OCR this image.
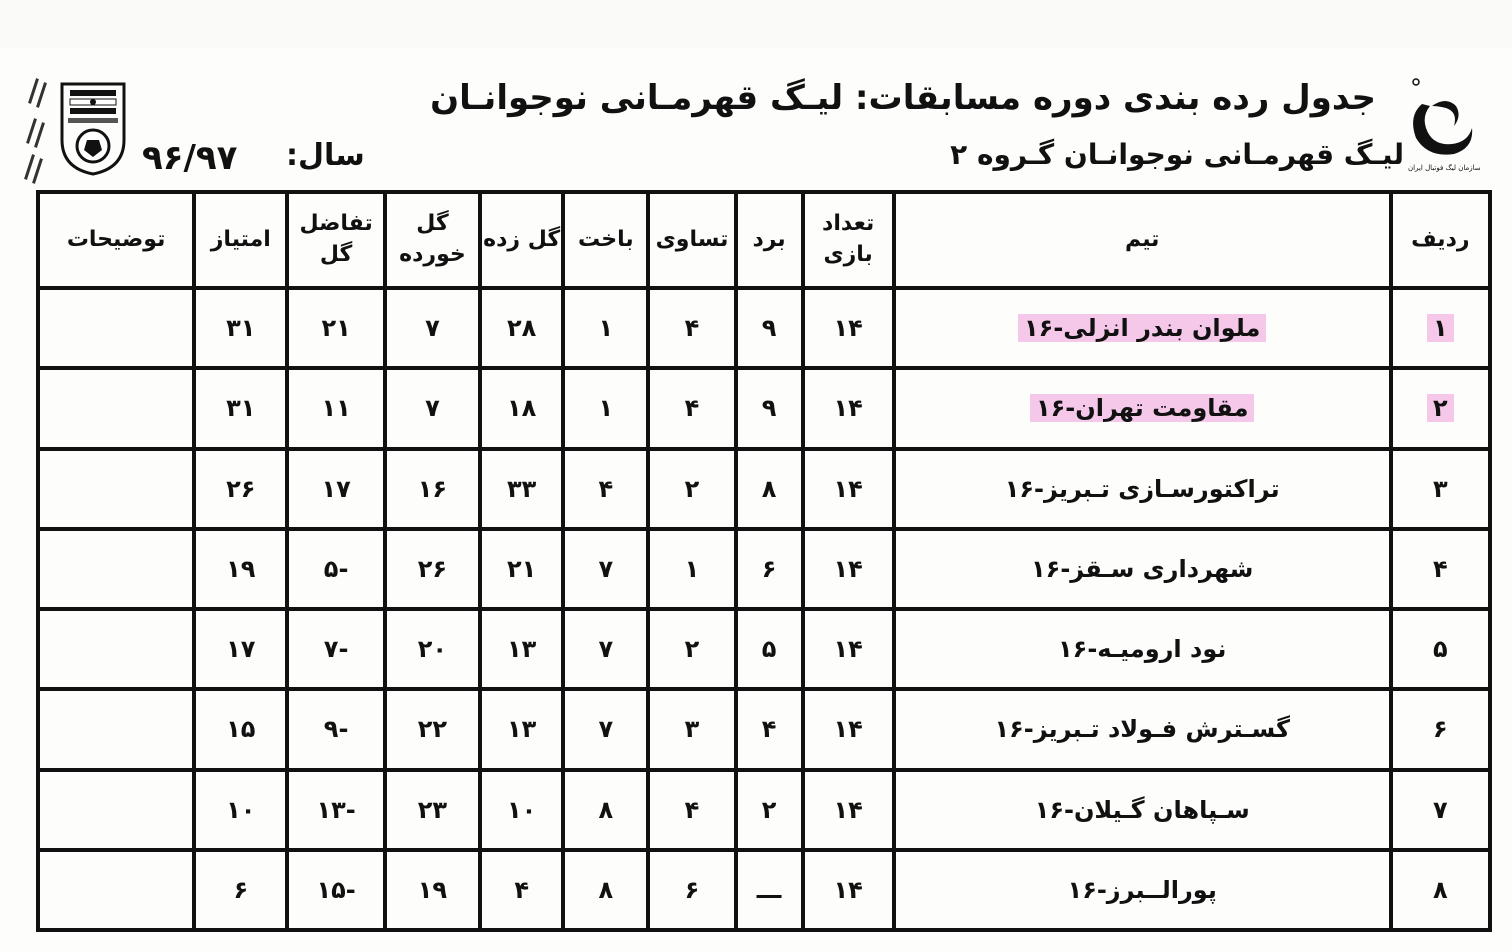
سازمان لیگ فوتبال ایران
جدول رده بندی دوره مسابقات: لیـگ قهرمـانی نوجوانـان
لیـگ قهرمـانی نوجوانـان گـروه ۲
سال:
۹۶/۹۷
ردیف	تیم	تعداد بازی	برد	تساوی	باخت	گل زده	گل خورده	تفاضل گل	امتیاز	توضیحات
۱	ملوان بندر انزلی-۱۶	۱۴	۹	۴	۱	۲۸	۷	۲۱	۳۱	
۲	مقاومت تهران-۱۶	۱۴	۹	۴	۱	۱۸	۷	۱۱	۳۱	
۳	تراکتورسـازی تـبریز-۱۶	۱۴	۸	۲	۴	۳۳	۱۶	۱۷	۲۶	
۴	شهرداری سـقز-۱۶	۱۴	۶	۱	۷	۲۱	۲۶	-۵	۱۹	
۵	نود ارومیـه-۱۶	۱۴	۵	۲	۷	۱۳	۲۰	-۷	۱۷	
۶	گسـترش فـولاد تـبریز-۱۶	۱۴	۴	۳	۷	۱۳	۲۲	-۹	۱۵	
۷	سـپاهان گـیلان-۱۶	۱۴	۲	۴	۸	۱۰	۲۳	-۱۳	۱۰	
۸	پورالــبرز-۱۶	۱۴	ـــ	۶	۸	۴	۱۹	-۱۵	۶	
